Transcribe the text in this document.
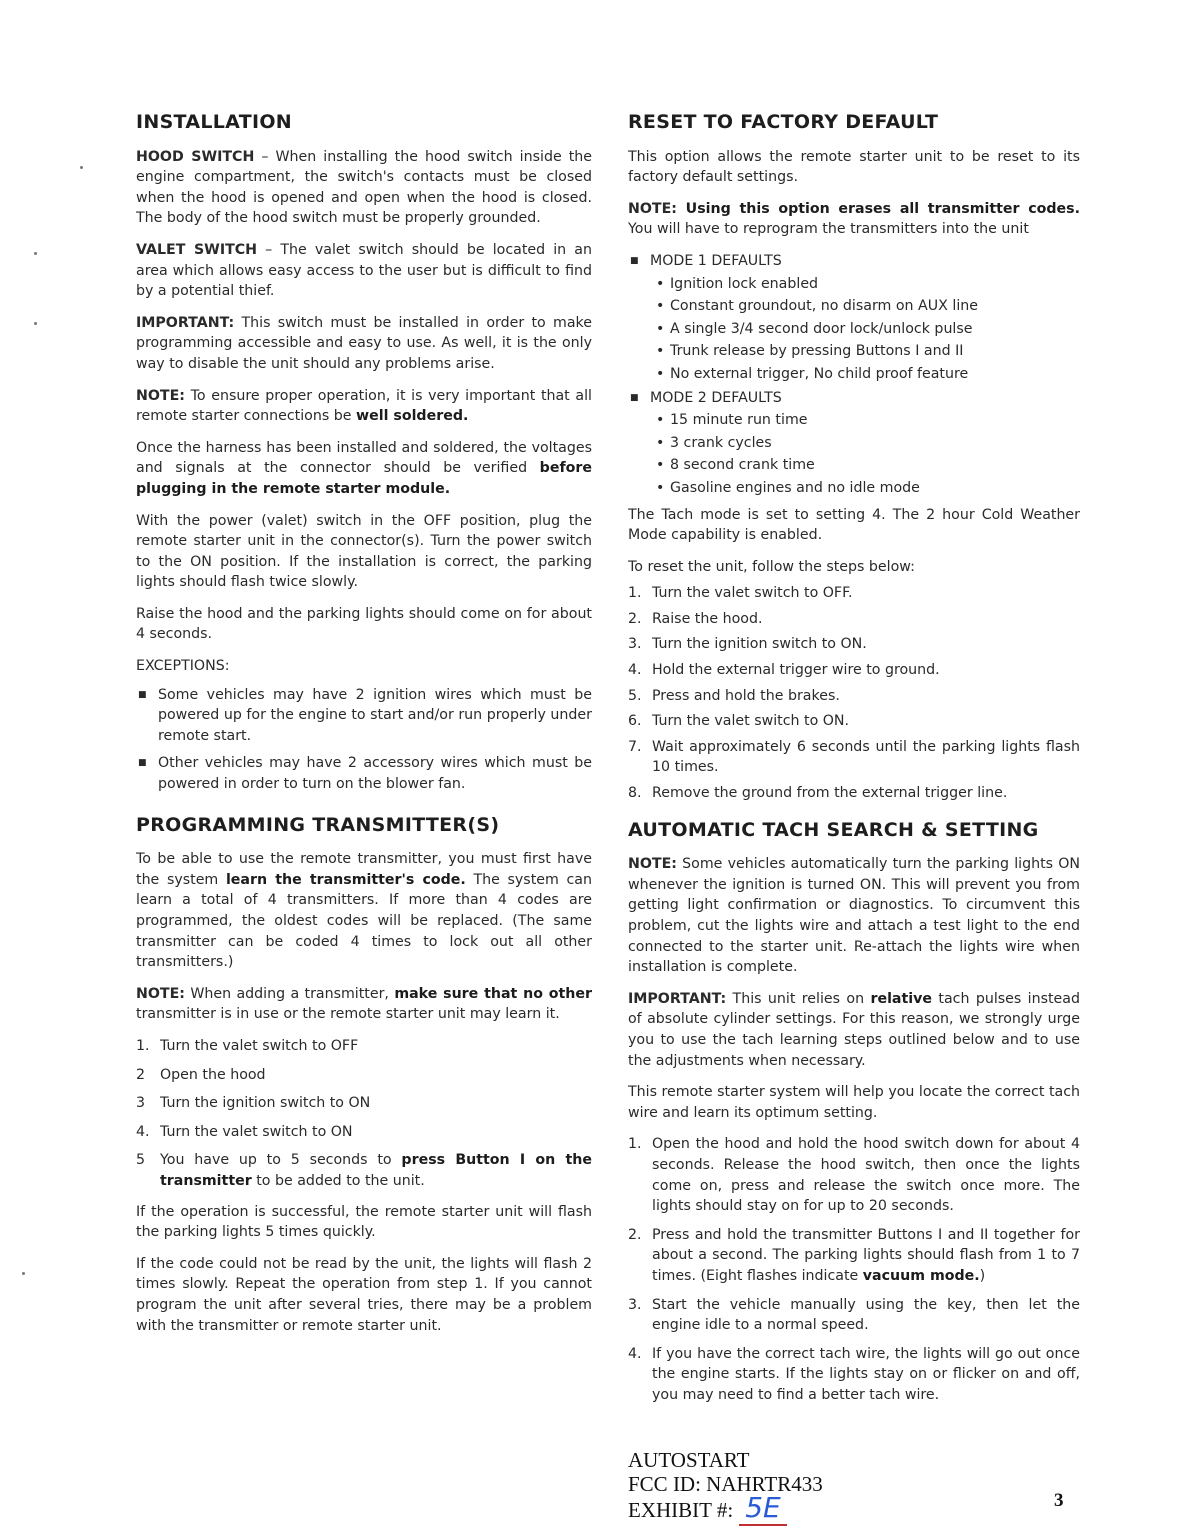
INSTALLATION

HOOD SWITCH – When installing the hood switch inside the engine compartment, the switch's contacts must be closed when the hood is opened and open when the hood is closed. The body of the hood switch must be properly grounded.

VALET SWITCH – The valet switch should be located in an area which allows easy access to the user but is difficult to find by a potential thief.

IMPORTANT: This switch must be installed in order to make programming accessible and easy to use. As well, it is the only way to disable the unit should any problems arise.

NOTE: To ensure proper operation, it is very important that all remote starter connections be well soldered.

Once the harness has been installed and soldered, the voltages and signals at the connector should be verified before plugging in the remote starter module.

With the power (valet) switch in the OFF position, plug the remote starter unit in the connector(s). Turn the power switch to the ON position. If the installation is correct, the parking lights should flash twice slowly.

Raise the hood and the parking lights should come on for about 4 seconds.

EXCEPTIONS:
■ Some vehicles may have 2 ignition wires which must be powered up for the engine to start and/or run properly under remote start.
■ Other vehicles may have 2 accessory wires which must be powered in order to turn on the blower fan.
PROGRAMMING TRANSMITTER(S)

To be able to use the remote transmitter, you must first have the system learn the transmitter's code. The system can learn a total of 4 transmitters. If more than 4 codes are programmed, the oldest codes will be replaced. (The same transmitter can be coded 4 times to lock out all other transmitters.)

NOTE: When adding a transmitter, make sure that no other transmitter is in use or the remote starter unit may learn it.

1. Turn the valet switch to OFF
2 Open the hood
3 Turn the ignition switch to ON
4. Turn the valet switch to ON
5 You have up to 5 seconds to press Button I on the transmitter to be added to the unit.

If the operation is successful, the remote starter unit will flash the parking lights 5 times quickly.

If the code could not be read by the unit, the lights will flash 2 times slowly. Repeat the operation from step 1. If you cannot program the unit after several tries, there may be a problem with the transmitter or remote starter unit.

RESET TO FACTORY DEFAULT

This option allows the remote starter unit to be reset to its factory default settings.

NOTE: Using this option erases all transmitter codes. You will have to reprogram the transmitters into the unit

■ MODE 1 DEFAULTS
• Ignition lock enabled
• Constant groundout, no disarm on AUX line
• A single 3/4 second door lock/unlock pulse
• Trunk release by pressing Buttons I and II
• No external trigger, No child proof feature
■ MODE 2 DEFAULTS
• 15 minute run time
• 3 crank cycles
• 8 second crank time
• Gasoline engines and no idle mode

The Tach mode is set to setting 4. The 2 hour Cold Weather Mode capability is enabled.

To reset the unit, follow the steps below:

1. Turn the valet switch to OFF.
2. Raise the hood.
3. Turn the ignition switch to ON.
4. Hold the external trigger wire to ground.
5. Press and hold the brakes.
6. Turn the valet switch to ON.
7. Wait approximately 6 seconds until the parking lights flash 10 times.
8. Remove the ground from the external trigger line.
AUTOMATIC TACH SEARCH & SETTING

NOTE: Some vehicles automatically turn the parking lights ON whenever the ignition is turned ON. This will prevent you from getting light confirmation or diagnostics. To circumvent this problem, cut the lights wire and attach a test light to the end connected to the starter unit. Re-attach the lights wire when installation is complete.

IMPORTANT: This unit relies on relative tach pulses instead of absolute cylinder settings. For this reason, we strongly urge you to use the tach learning steps outlined below and to use the adjustments when necessary.

This remote starter system will help you locate the correct tach wire and learn its optimum setting.

1. Open the hood and hold the hood switch down for about 4 seconds. Release the hood switch, then once the lights come on, press and release the switch once more. The lights should stay on for up to 20 seconds.
2. Press and hold the transmitter Buttons I and II together for about a second. The parking lights should flash from 1 to 7 times. (Eight flashes indicate vacuum mode.)
3. Start the vehicle manually using the key, then let the engine idle to a normal speed.
4. If you have the correct tach wire, the lights will go out once the engine starts. If the lights stay on or flicker on and off, you may need to find a better tach wire.
AUTOSTART
FCC ID: NAHRTR433
EXHIBIT #: 5E	3
